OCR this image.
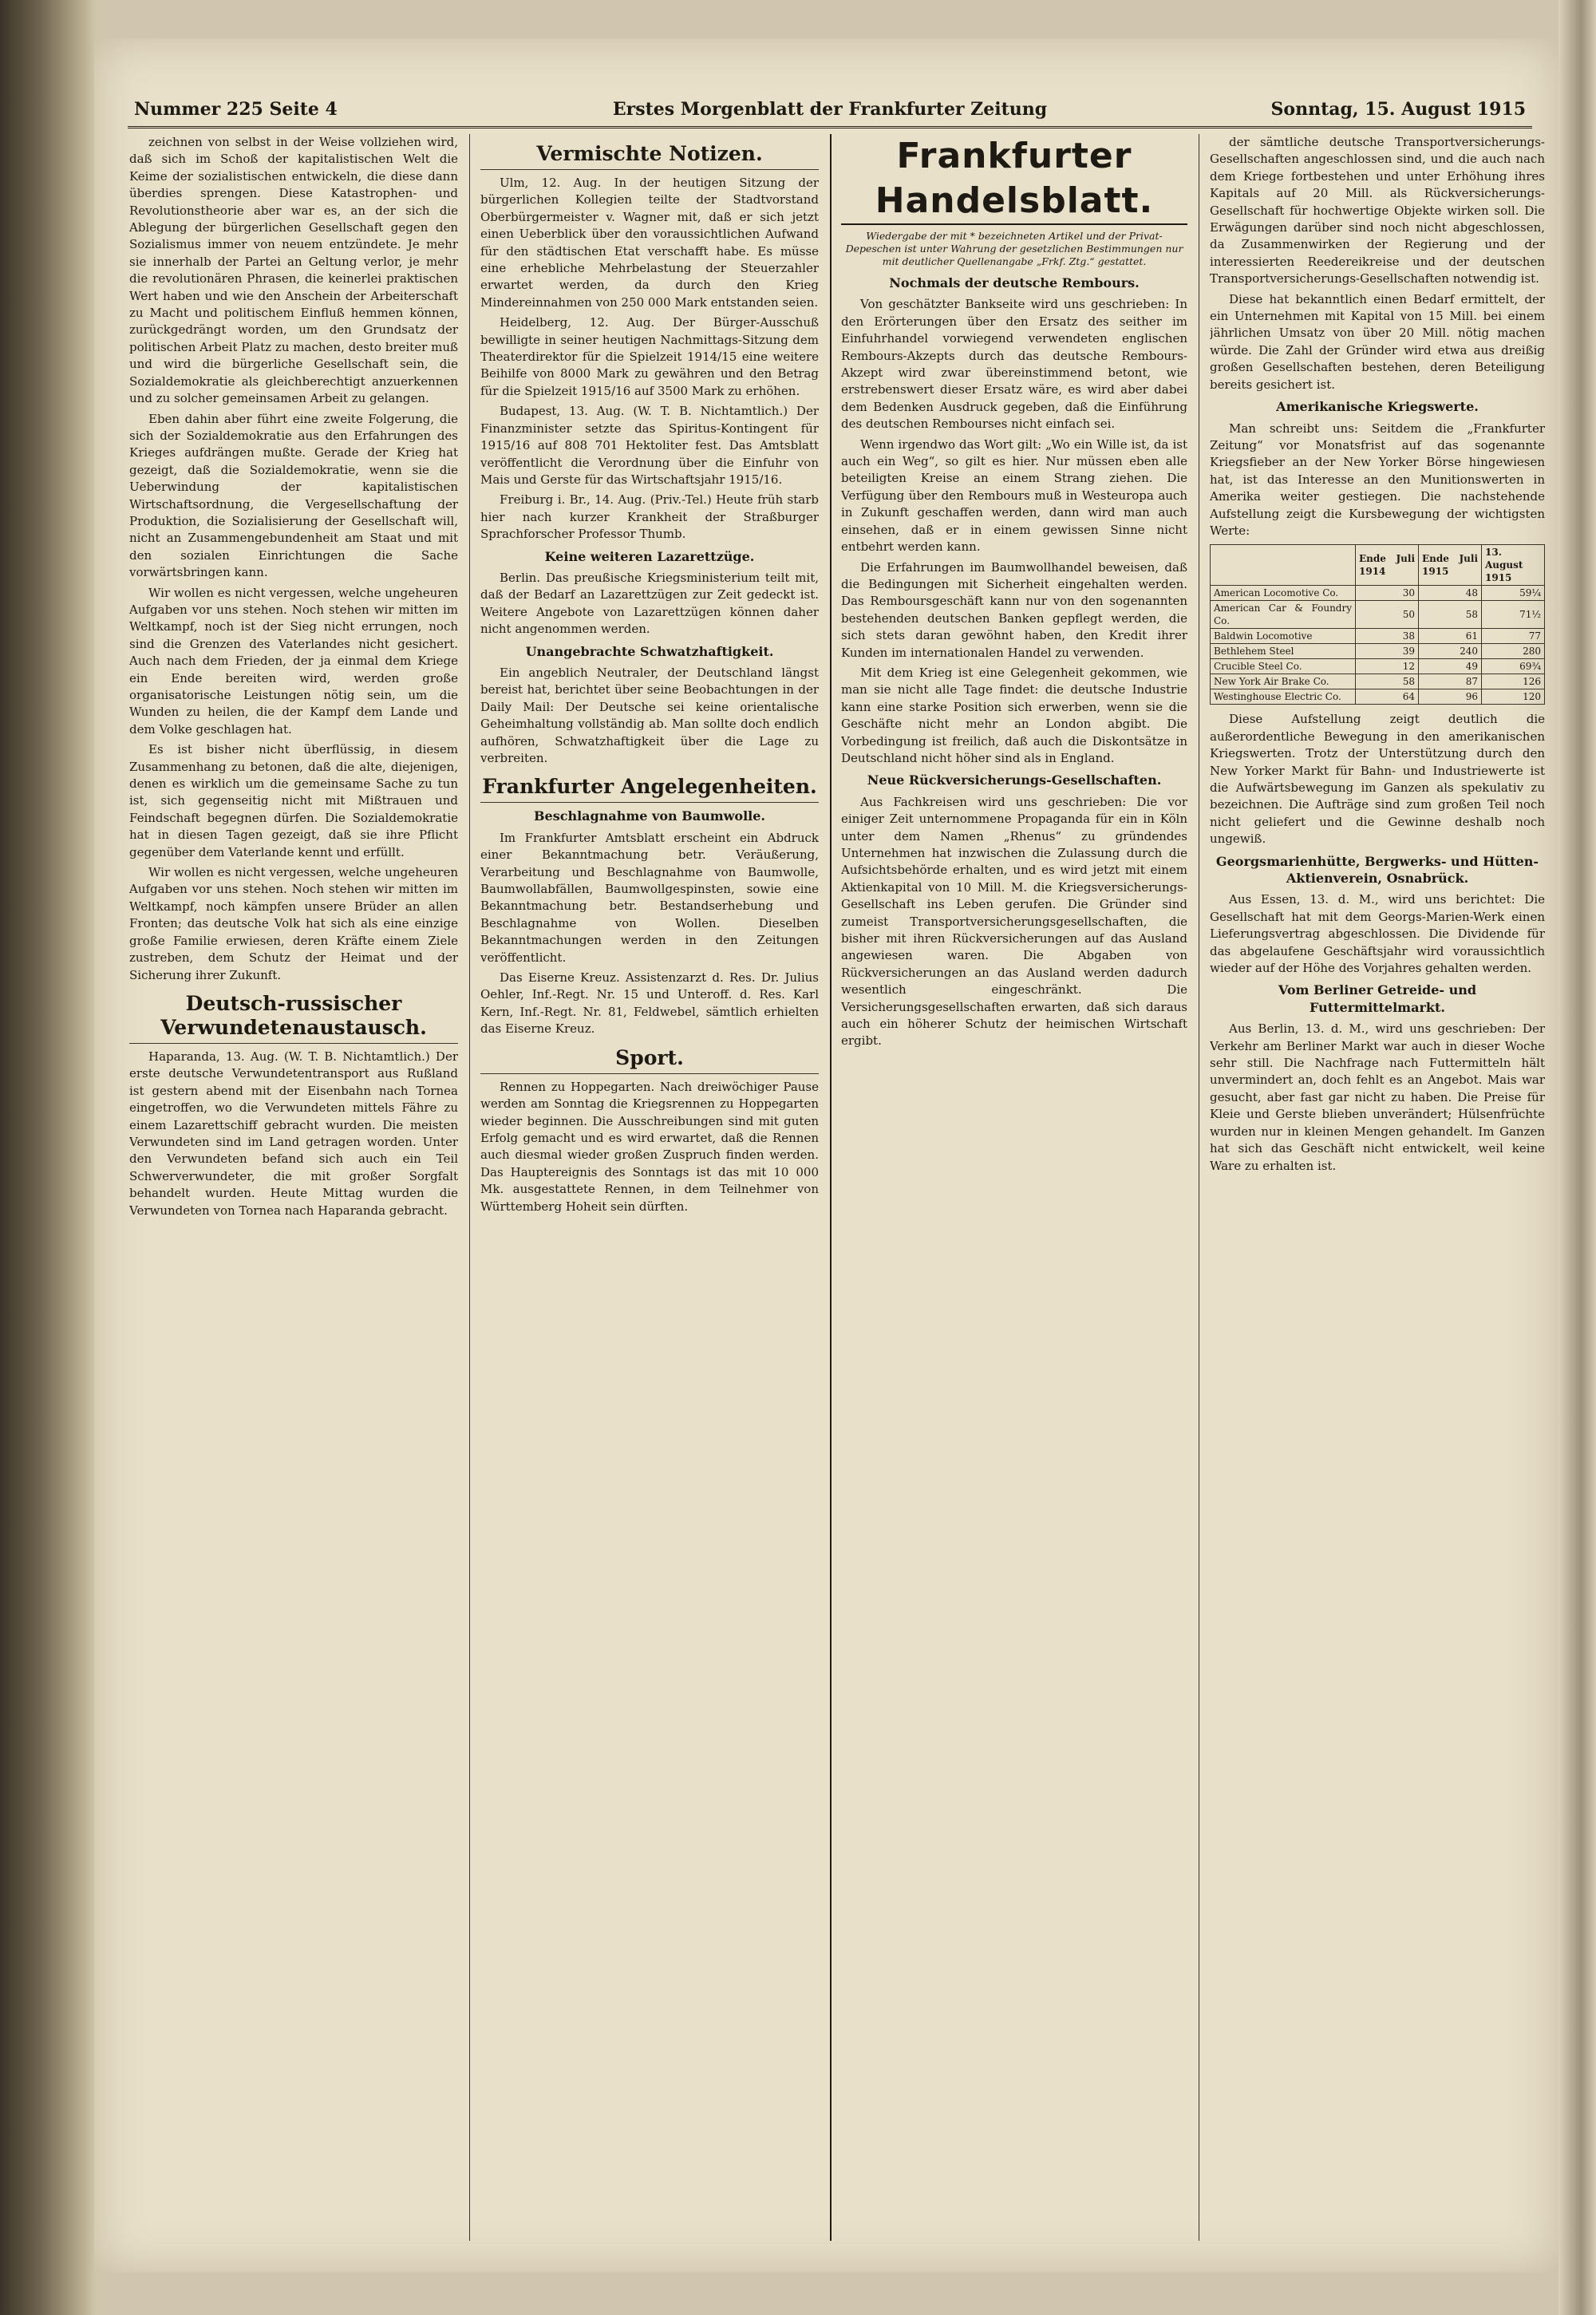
Nummer 225 Seite 4	Erstes Morgenblatt der Frankfurter Zeitung	Sonntag, 15. August 1915

zeichnen von selbst in der Weise vollziehen wird, daß sich im Schoß der kapitalistischen Welt die Keime der sozialistischen entwickeln, die diese dann überdies sprengen. Diese Katastrophen- und Revolutionstheorie aber war es, an der sich die Ablegung der bürgerlichen Gesellschaft gegen den Sozialismus immer von neuem entzündete. Je mehr sie innerhalb der Partei an Geltung verlor, je mehr die revolutionären Phrasen, die keinerlei praktischen Wert haben und wie den Anschein der Arbeiterschaft zu Macht und politischem Einfluß hemmen können, zurückgedrängt worden, um den Grundsatz der politischen Arbeit Platz zu machen, desto breiter muß und wird die bürgerliche Gesellschaft sein, die Sozialdemokratie als gleichberechtigt anzuerkennen und zu solcher gemeinsamen Arbeit zu gelangen.

Eben dahin aber führt eine zweite Folgerung, die sich der Sozialdemokratie aus den Erfahrungen des Krieges aufdrängen mußte. Gerade der Krieg hat gezeigt, daß die Sozialdemokratie, wenn sie die Ueberwindung der kapitalistischen Wirtschaftsordnung, die Vergesellschaftung der Produktion, die Sozialisierung der Gesellschaft will, nicht an Zusammengebundenheit am Staat und mit den sozialen Einrichtungen die Sache vorwärtsbringen kann.

Wir wollen es nicht vergessen, welche ungeheuren Aufgaben vor uns stehen. Noch stehen wir mitten im Weltkampf, noch ist der Sieg nicht errungen, noch sind die Grenzen des Vaterlandes nicht gesichert. Auch nach dem Frieden, der ja einmal dem Kriege ein Ende bereiten wird, werden große organisatorische Leistungen nötig sein, um die Wunden zu heilen, die der Kampf dem Lande und dem Volke geschlagen hat.

Es ist bisher nicht überflüssig, in diesem Zusammenhang zu betonen, daß die alte, diejenigen, denen es wirklich um die gemeinsame Sache zu tun ist, sich gegenseitig nicht mit Mißtrauen und Feindschaft begegnen dürfen. Die Sozialdemokratie hat in diesen Tagen gezeigt, daß sie ihre Pflicht gegenüber dem Vaterlande kennt und erfüllt.

Wir wollen es nicht vergessen, welche ungeheuren Aufgaben vor uns stehen. Noch stehen wir mitten im Weltkampf, noch kämpfen unsere Brüder an allen Fronten; das deutsche Volk hat sich als eine einzige große Familie erwiesen, deren Kräfte einem Ziele zustreben, dem Schutz der Heimat und der Sicherung ihrer Zukunft.

Deutsch-russischer Verwundetenaustausch.

Haparanda, 13. Aug. (W. T. B. Nichtamtlich.) Der erste deutsche Verwundetentransport aus Rußland ist gestern abend mit der Eisenbahn nach Tornea eingetroffen, wo die Verwundeten mittels Fähre zu einem Lazarettschiff gebracht wurden. Die meisten Verwundeten sind im Land getragen worden. Unter den Verwundeten befand sich auch ein Teil Schwerverwundeter, die mit großer Sorgfalt behandelt wurden. Heute Mittag wurden die Verwundeten von Tornea nach Haparanda gebracht.

Vermischte Notizen.

Ulm, 12. Aug. In der heutigen Sitzung der bürgerlichen Kollegien teilte der Stadtvorstand Oberbürgermeister v. Wagner mit, daß er sich jetzt einen Ueberblick über den voraussichtlichen Aufwand für den städtischen Etat verschafft habe. Es müsse eine erhebliche Mehrbelastung der Steuerzahler erwartet werden, da durch den Krieg Mindereinnahmen von 250 000 Mark entstanden seien.

Heidelberg, 12. Aug. Der Bürger-Ausschuß bewilligte in seiner heutigen Nachmittags-Sitzung dem Theaterdirektor für die Spielzeit 1914/15 eine weitere Beihilfe von 8000 Mark zu gewähren und den Betrag für die Spielzeit 1915/16 auf 3500 Mark zu erhöhen.

Budapest, 13. Aug. (W. T. B. Nichtamtlich.) Der Finanzminister setzte das Spiritus-Kontingent für 1915/16 auf 808 701 Hektoliter fest. Das Amtsblatt veröffentlicht die Verordnung über die Einfuhr von Mais und Gerste für das Wirtschaftsjahr 1915/16.

Freiburg i. Br., 14. Aug. (Priv.-Tel.) Heute früh starb hier nach kurzer Krankheit der Straßburger Sprachforscher Professor Thumb.

Keine weiteren Lazarettzüge.

Berlin. Das preußische Kriegsministerium teilt mit, daß der Bedarf an Lazarettzügen zur Zeit gedeckt ist. Weitere Angebote von Lazarettzügen können daher nicht angenommen werden.

Unangebrachte Schwatzhaftigkeit.

Ein angeblich Neutraler, der Deutschland längst bereist hat, berichtet über seine Beobachtungen in der Daily Mail: Der Deutsche sei keine orientalische Geheimhaltung vollständig ab. Man sollte doch endlich aufhören, Schwatzhaftigkeit über die Lage zu verbreiten.

Frankfurter Angelegenheiten.
Beschlagnahme von Baumwolle.

Im Frankfurter Amtsblatt erscheint ein Abdruck einer Bekanntmachung betr. Veräußerung, Verarbeitung und Beschlagnahme von Baumwolle, Baumwollabfällen, Baumwollgespinsten, sowie eine Bekanntmachung betr. Bestandserhebung und Beschlagnahme von Wollen. Dieselben Bekanntmachungen werden in den Zeitungen veröffentlicht.

Das Eiserne Kreuz. Assistenzarzt d. Res. Dr. Julius Oehler, Inf.-Regt. Nr. 15 und Unteroff. d. Res. Karl Kern, Inf.-Regt. Nr. 81, Feldwebel, sämtlich erhielten das Eiserne Kreuz.

Sport.

Rennen zu Hoppegarten. Nach dreiwöchiger Pause werden am Sonntag die Kriegsrennen zu Hoppegarten wieder beginnen. Die Ausschreibungen sind mit guten Erfolg gemacht und es wird erwartet, daß die Rennen auch diesmal wieder großen Zuspruch finden werden. Das Hauptereignis des Sonntags ist das mit 10 000 Mk. ausgestattete Rennen, in dem Teilnehmer von Württemberg Hoheit sein dürften.

Frankfurter Handelsblatt.
Wiedergabe der mit * bezeichneten Artikel und der Privat-Depeschen ist unter Wahrung der gesetzlichen Bestimmungen nur mit deutlicher Quellenangabe „Frkf. Ztg.“ gestattet.
Nochmals der deutsche Rembours.

Von geschätzter Bankseite wird uns geschrieben: In den Erörterungen über den Ersatz des seither im Einfuhrhandel vorwiegend verwendeten englischen Rembours-Akzepts durch das deutsche Rembours-Akzept wird zwar übereinstimmend betont, wie erstrebenswert dieser Ersatz wäre, es wird aber dabei dem Bedenken Ausdruck gegeben, daß die Einführung des deutschen Rembourses nicht einfach sei.

Wenn irgendwo das Wort gilt: „Wo ein Wille ist, da ist auch ein Weg“, so gilt es hier. Nur müssen eben alle beteiligten Kreise an einem Strang ziehen. Die Verfügung über den Rembours muß in Westeuropa auch in Zukunft geschaffen werden, dann wird man auch einsehen, daß er in einem gewissen Sinne nicht entbehrt werden kann.

Die Erfahrungen im Baumwollhandel beweisen, daß die Bedingungen mit Sicherheit eingehalten werden. Das Remboursgeschäft kann nur von den sogenannten bestehenden deutschen Banken gepflegt werden, die sich stets daran gewöhnt haben, den Kredit ihrer Kunden im internationalen Handel zu verwenden.

Mit dem Krieg ist eine Gelegenheit gekommen, wie man sie nicht alle Tage findet: die deutsche Industrie kann eine starke Position sich erwerben, wenn sie die Geschäfte nicht mehr an London abgibt. Die Vorbedingung ist freilich, daß auch die Diskontsätze in Deutschland nicht höher sind als in England.

Neue Rückversicherungs-Gesellschaften.

Aus Fachkreisen wird uns geschrieben: Die vor einiger Zeit unternommene Propaganda für ein in Köln unter dem Namen „Rhenus“ zu gründendes Unternehmen hat inzwischen die Zulassung durch die Aufsichtsbehörde erhalten, und es wird jetzt mit einem Aktienkapital von 10 Mill. M. die Kriegsversicherungs-Gesellschaft ins Leben gerufen. Die Gründer sind zumeist Transportversicherungsgesellschaften, die bisher mit ihren Rückversicherungen auf das Ausland angewiesen waren. Die Abgaben von Rückversicherungen an das Ausland werden dadurch wesentlich eingeschränkt. Die Versicherungsgesellschaften erwarten, daß sich daraus auch ein höherer Schutz der heimischen Wirtschaft ergibt.

der sämtliche deutsche Transportversicherungs-Gesellschaften angeschlossen sind, und die auch nach dem Kriege fortbestehen und unter Erhöhung ihres Kapitals auf 20 Mill. als Rückversicherungs-Gesellschaft für hochwertige Objekte wirken soll. Die Erwägungen darüber sind noch nicht abgeschlossen, da Zusammenwirken der Regierung und der interessierten Reedereikreise und der deutschen Transportversicherungs-Gesellschaften notwendig ist.

Diese hat bekanntlich einen Bedarf ermittelt, der ein Unternehmen mit Kapital von 15 Mill. bei einem jährlichen Umsatz von über 20 Mill. nötig machen würde. Die Zahl der Gründer wird etwa aus dreißig großen Gesellschaften bestehen, deren Beteiligung bereits gesichert ist.

Amerikanische Kriegswerte.

Man schreibt uns: Seitdem die „Frankfurter Zeitung“ vor Monatsfrist auf das sogenannte Kriegsfieber an der New Yorker Börse hingewiesen hat, ist das Interesse an den Munitionswerten in Amerika weiter gestiegen. Die nachstehende Aufstellung zeigt die Kursbewegung der wichtigsten Werte:

	Ende Juli 1914	Ende Juli 1915	13. August 1915
American Locomotive Co.	30	48	59¼
American Car & Foundry Co.	50	58	71½
Baldwin Locomotive	38	61	77
Bethlehem Steel	39	240	280
Crucible Steel Co.	12	49	69¾
New York Air Brake Co.	58	87	126
Westinghouse Electric Co.	64	96	120

Diese Aufstellung zeigt deutlich die außerordentliche Bewegung in den amerikanischen Kriegswerten. Trotz der Unterstützung durch den New Yorker Markt für Bahn- und Industriewerte ist die Aufwärtsbewegung im Ganzen als spekulativ zu bezeichnen. Die Aufträge sind zum großen Teil noch nicht geliefert und die Gewinne deshalb noch ungewiß.

Georgsmarienhütte, Bergwerks- und Hütten-Aktienverein, Osnabrück.

Aus Essen, 13. d. M., wird uns berichtet: Die Gesellschaft hat mit dem Georgs-Marien-Werk einen Lieferungsvertrag abgeschlossen. Die Dividende für das abgelaufene Geschäftsjahr wird voraussichtlich wieder auf der Höhe des Vorjahres gehalten werden.

Vom Berliner Getreide- und Futtermittelmarkt.

Aus Berlin, 13. d. M., wird uns geschrieben: Der Verkehr am Berliner Markt war auch in dieser Woche sehr still. Die Nachfrage nach Futtermitteln hält unvermindert an, doch fehlt es an Angebot. Mais war gesucht, aber fast gar nicht zu haben. Die Preise für Kleie und Gerste blieben unverändert; Hülsenfrüchte wurden nur in kleinen Mengen gehandelt. Im Ganzen hat sich das Geschäft nicht entwickelt, weil keine Ware zu erhalten ist.
